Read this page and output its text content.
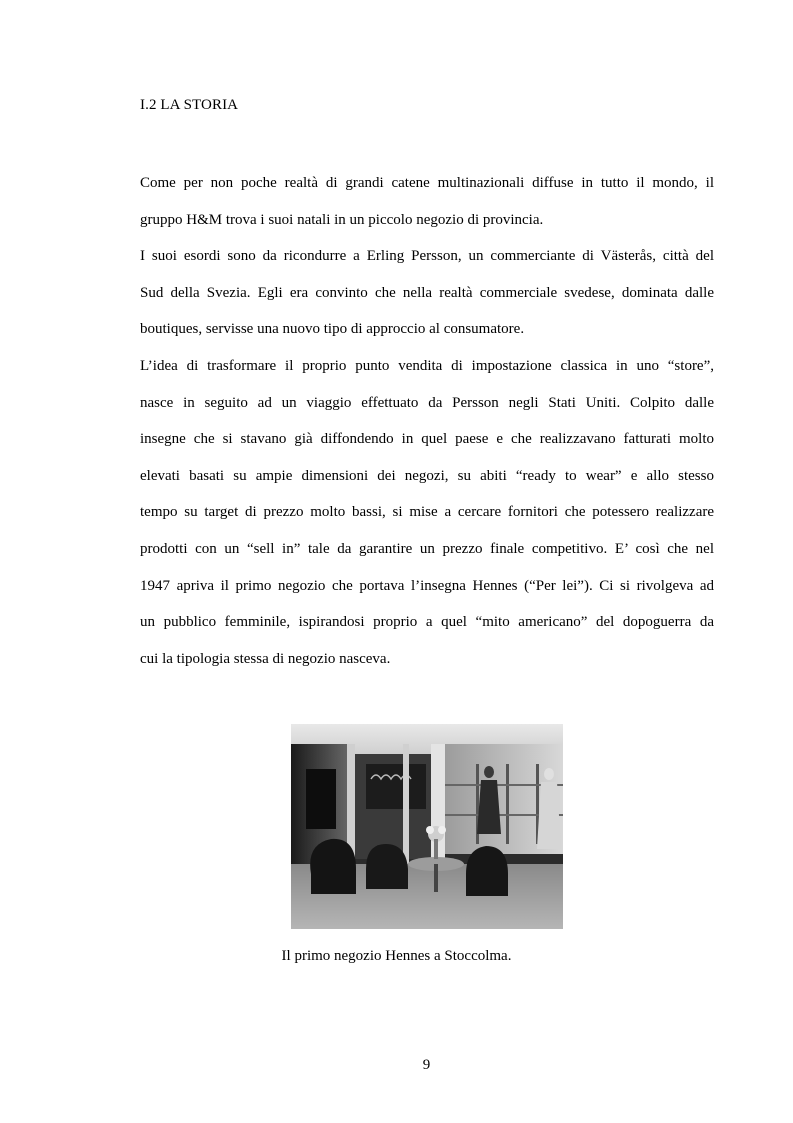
I.2 LA STORIA
Come per non poche realtà di grandi catene multinazionali diffuse in tutto il mondo, il
gruppo H&M trova i suoi natali in un piccolo negozio di provincia.
I suoi esordi sono da ricondurre a Erling Persson, un commerciante di Västerås, città del
Sud della Svezia. Egli era convinto che nella realtà commerciale svedese, dominata dalle
boutiques, servisse una nuovo tipo di approccio al consumatore.
L’idea di trasformare il proprio punto vendita di impostazione classica in uno “store”,
nasce in seguito ad un viaggio effettuato da Persson negli Stati Uniti. Colpito dalle
insegne che si stavano già diffondendo in quel paese e che realizzavano fatturati molto
elevati basati su ampie dimensioni dei negozi, su abiti “ready to wear” e allo stesso
tempo su target di prezzo molto bassi, si mise a cercare fornitori che potessero realizzare
prodotti con un “sell in” tale da garantire un prezzo finale competitivo. E’ così che nel
1947 apriva il primo negozio che portava l’insegna Hennes (“Per lei”). Ci si rivolgeva ad
un pubblico femminile, ispirandosi proprio a quel “mito americano” del dopoguerra da
cui la tipologia stessa di negozio nasceva.
Il primo negozio Hennes a Stoccolma.
9
